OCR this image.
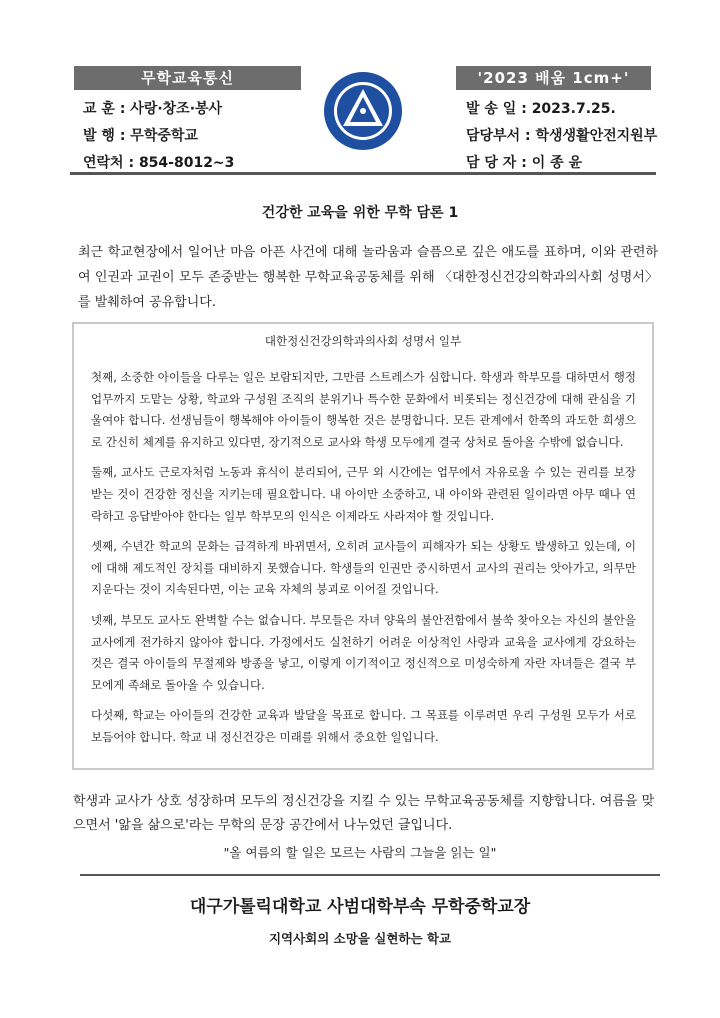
무학교육통신	'2023 배움 1cm+'
교 훈 : 사랑·창조·봉사
발 행 : 무학중학교
연락처 : 854-8012~3
발 송 일 : 2023.7.25.
담당부서 : 학생생활안전지원부
담 당 자 : 이 종 윤
건강한 교육을 위한 무학 담론 1
최근 학교현장에서 일어난 마음 아픈 사건에 대해 놀라움과 슬픔으로 깊은 애도를 표하며, 이와 관련하여 인권과 교권이 모두 존중받는 행복한 무학교육공동체를 위해 〈대한정신건강의학과의사회 성명서〉를 발췌하여 공유합니다.
대한정신건강의학과의사회 성명서 일부

첫째, 소중한 아이들을 다루는 일은 보람되지만, 그만큼 스트레스가 심합니다. 학생과 학부모를 대하면서 행정 업무까지 도맡는 상황, 학교와 구성원 조직의 분위기나 특수한 문화에서 비롯되는 정신건강에 대해 관심을 기울여야 합니다. 선생님들이 행복해야 아이들이 행복한 것은 분명합니다. 모든 관계에서 한쪽의 과도한 희생으로 간신히 체계를 유지하고 있다면, 장기적으로 교사와 학생 모두에게 결국 상처로 돌아올 수밖에 없습니다.

둘째, 교사도 근로자처럼 노동과 휴식이 분리되어, 근무 외 시간에는 업무에서 자유로울 수 있는 권리를 보장받는 것이 건강한 정신을 지키는데 필요합니다. 내 아이만 소중하고, 내 아이와 관련된 일이라면 아무 때나 연락하고 응답받아야 한다는 일부 학부모의 인식은 이제라도 사라져야 할 것입니다.

셋째, 수년간 학교의 문화는 급격하게 바뀌면서, 오히려 교사들이 피해자가 되는 상황도 발생하고 있는데, 이에 대해 제도적인 장치를 대비하지 못했습니다. 학생들의 인권만 중시하면서 교사의 권리는 앗아가고, 의무만 지운다는 것이 지속된다면, 이는 교육 자체의 붕괴로 이어질 것입니다.

넷째, 부모도 교사도 완벽할 수는 없습니다. 부모들은 자녀 양육의 불안전함에서 불쑥 찾아오는 자신의 불안을 교사에게 전가하지 않아야 합니다. 가정에서도 실천하기 어려운 이상적인 사랑과 교육을 교사에게 강요하는 것은 결국 아이들의 무절제와 방종을 낳고, 이렇게 이기적이고 정신적으로 미성숙하게 자란 자녀들은 결국 부모에게 족쇄로 돌아올 수 있습니다.

다섯째, 학교는 아이들의 건강한 교육과 발달을 목표로 합니다. 그 목표를 이루려면 우리 구성원 모두가 서로 보듬어야 합니다. 학교 내 정신건강은 미래를 위해서 중요한 일입니다.

학생과 교사가 상호 성장하며 모두의 정신건강을 지킬 수 있는 무학교육공동체를 지향합니다. 여름을 맞으면서 '앎을 삶으로'라는 무학의 문장 공간에서 나누었던 글입니다.
"올 여름의 할 일은 모르는 사람의 그늘을 읽는 일"
대구가톨릭대학교 사범대학부속 무학중학교장
지역사회의 소망을 실현하는 학교
